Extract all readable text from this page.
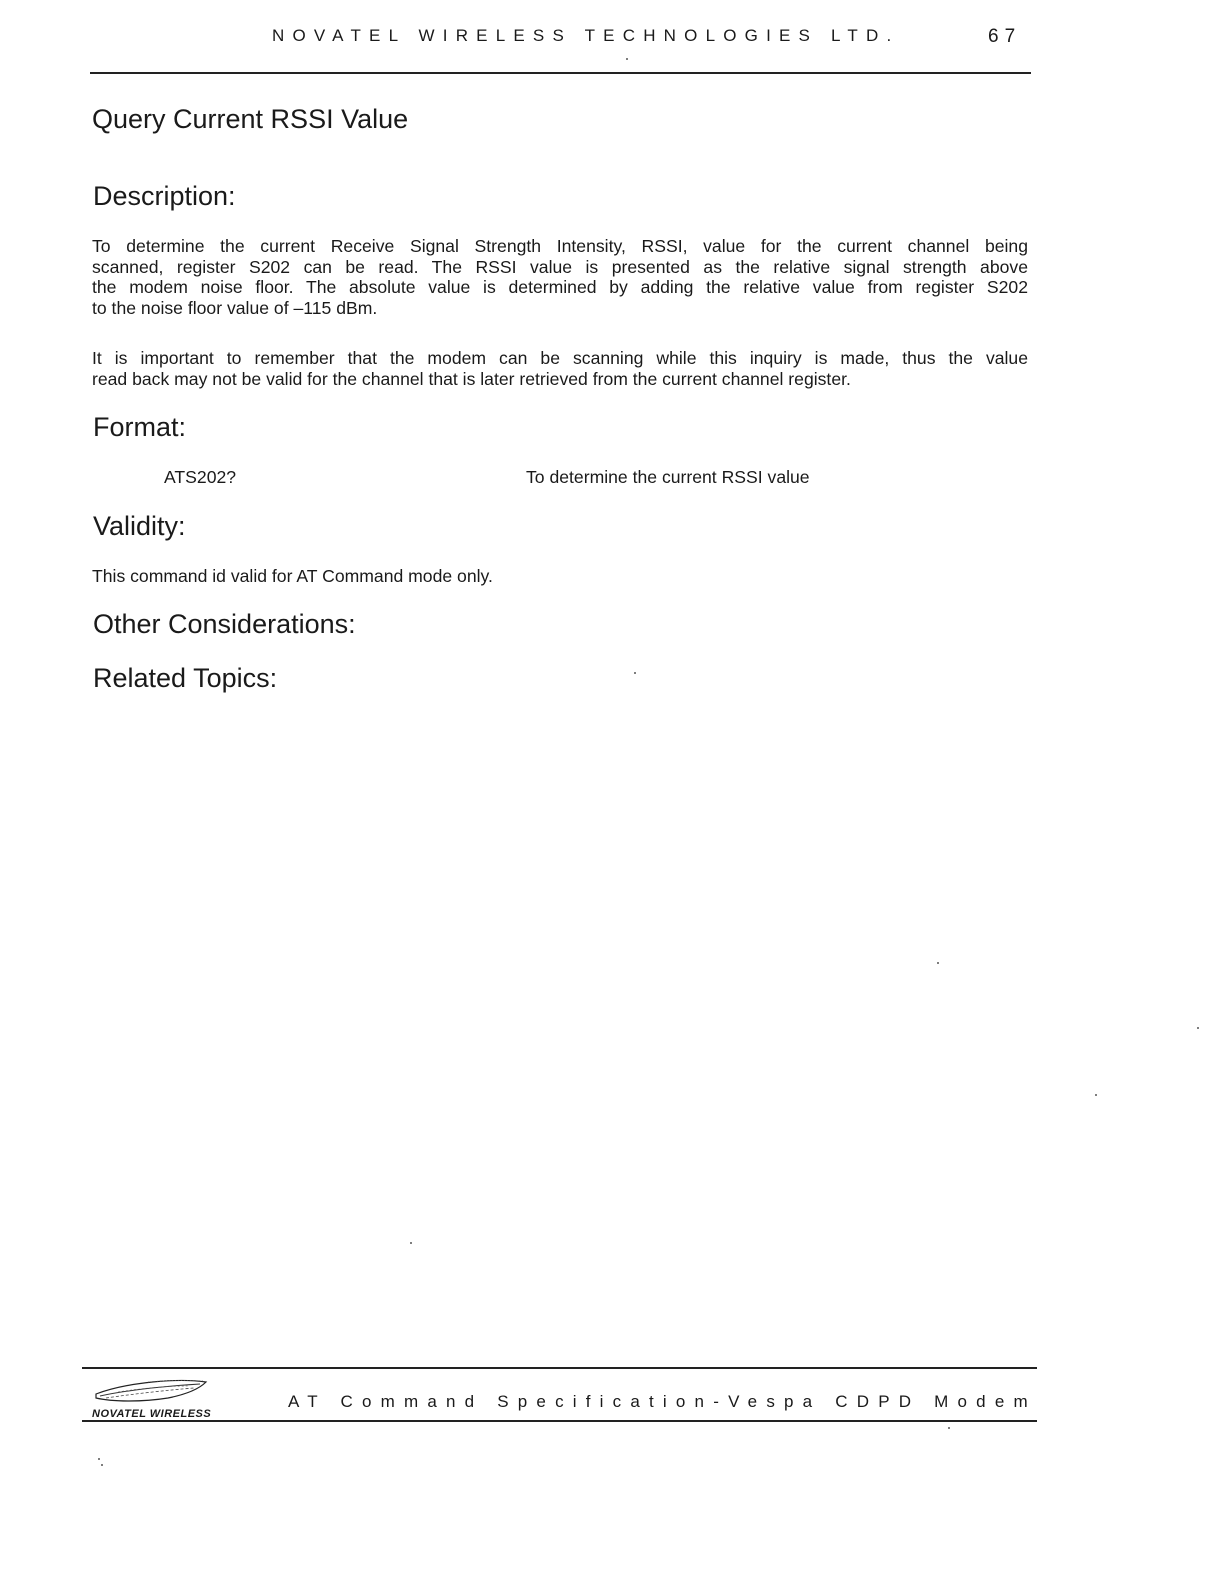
NOVATEL WIRELESS TECHNOLOGIES LTD.	67
Query Current RSSI Value
Description:
To determine the current Receive Signal Strength Intensity, RSSI, value for the current channel being
scanned, register S202 can be read. The RSSI value is presented as the relative signal strength above
the modem noise floor. The absolute value is determined by adding the relative value from register S202
to the noise floor value of –115 dBm.
It is important to remember that the modem can be scanning while this inquiry is made, thus the value
read back may not be valid for the channel that is later retrieved from the current channel register.
Format:
ATS202?	To determine the current RSSI value
Validity:
This command id valid for AT Command mode only.
Other Considerations:
Related Topics:
NOVATEL WIRELESS
AT Command Specification-Vespa CDPD Modem
